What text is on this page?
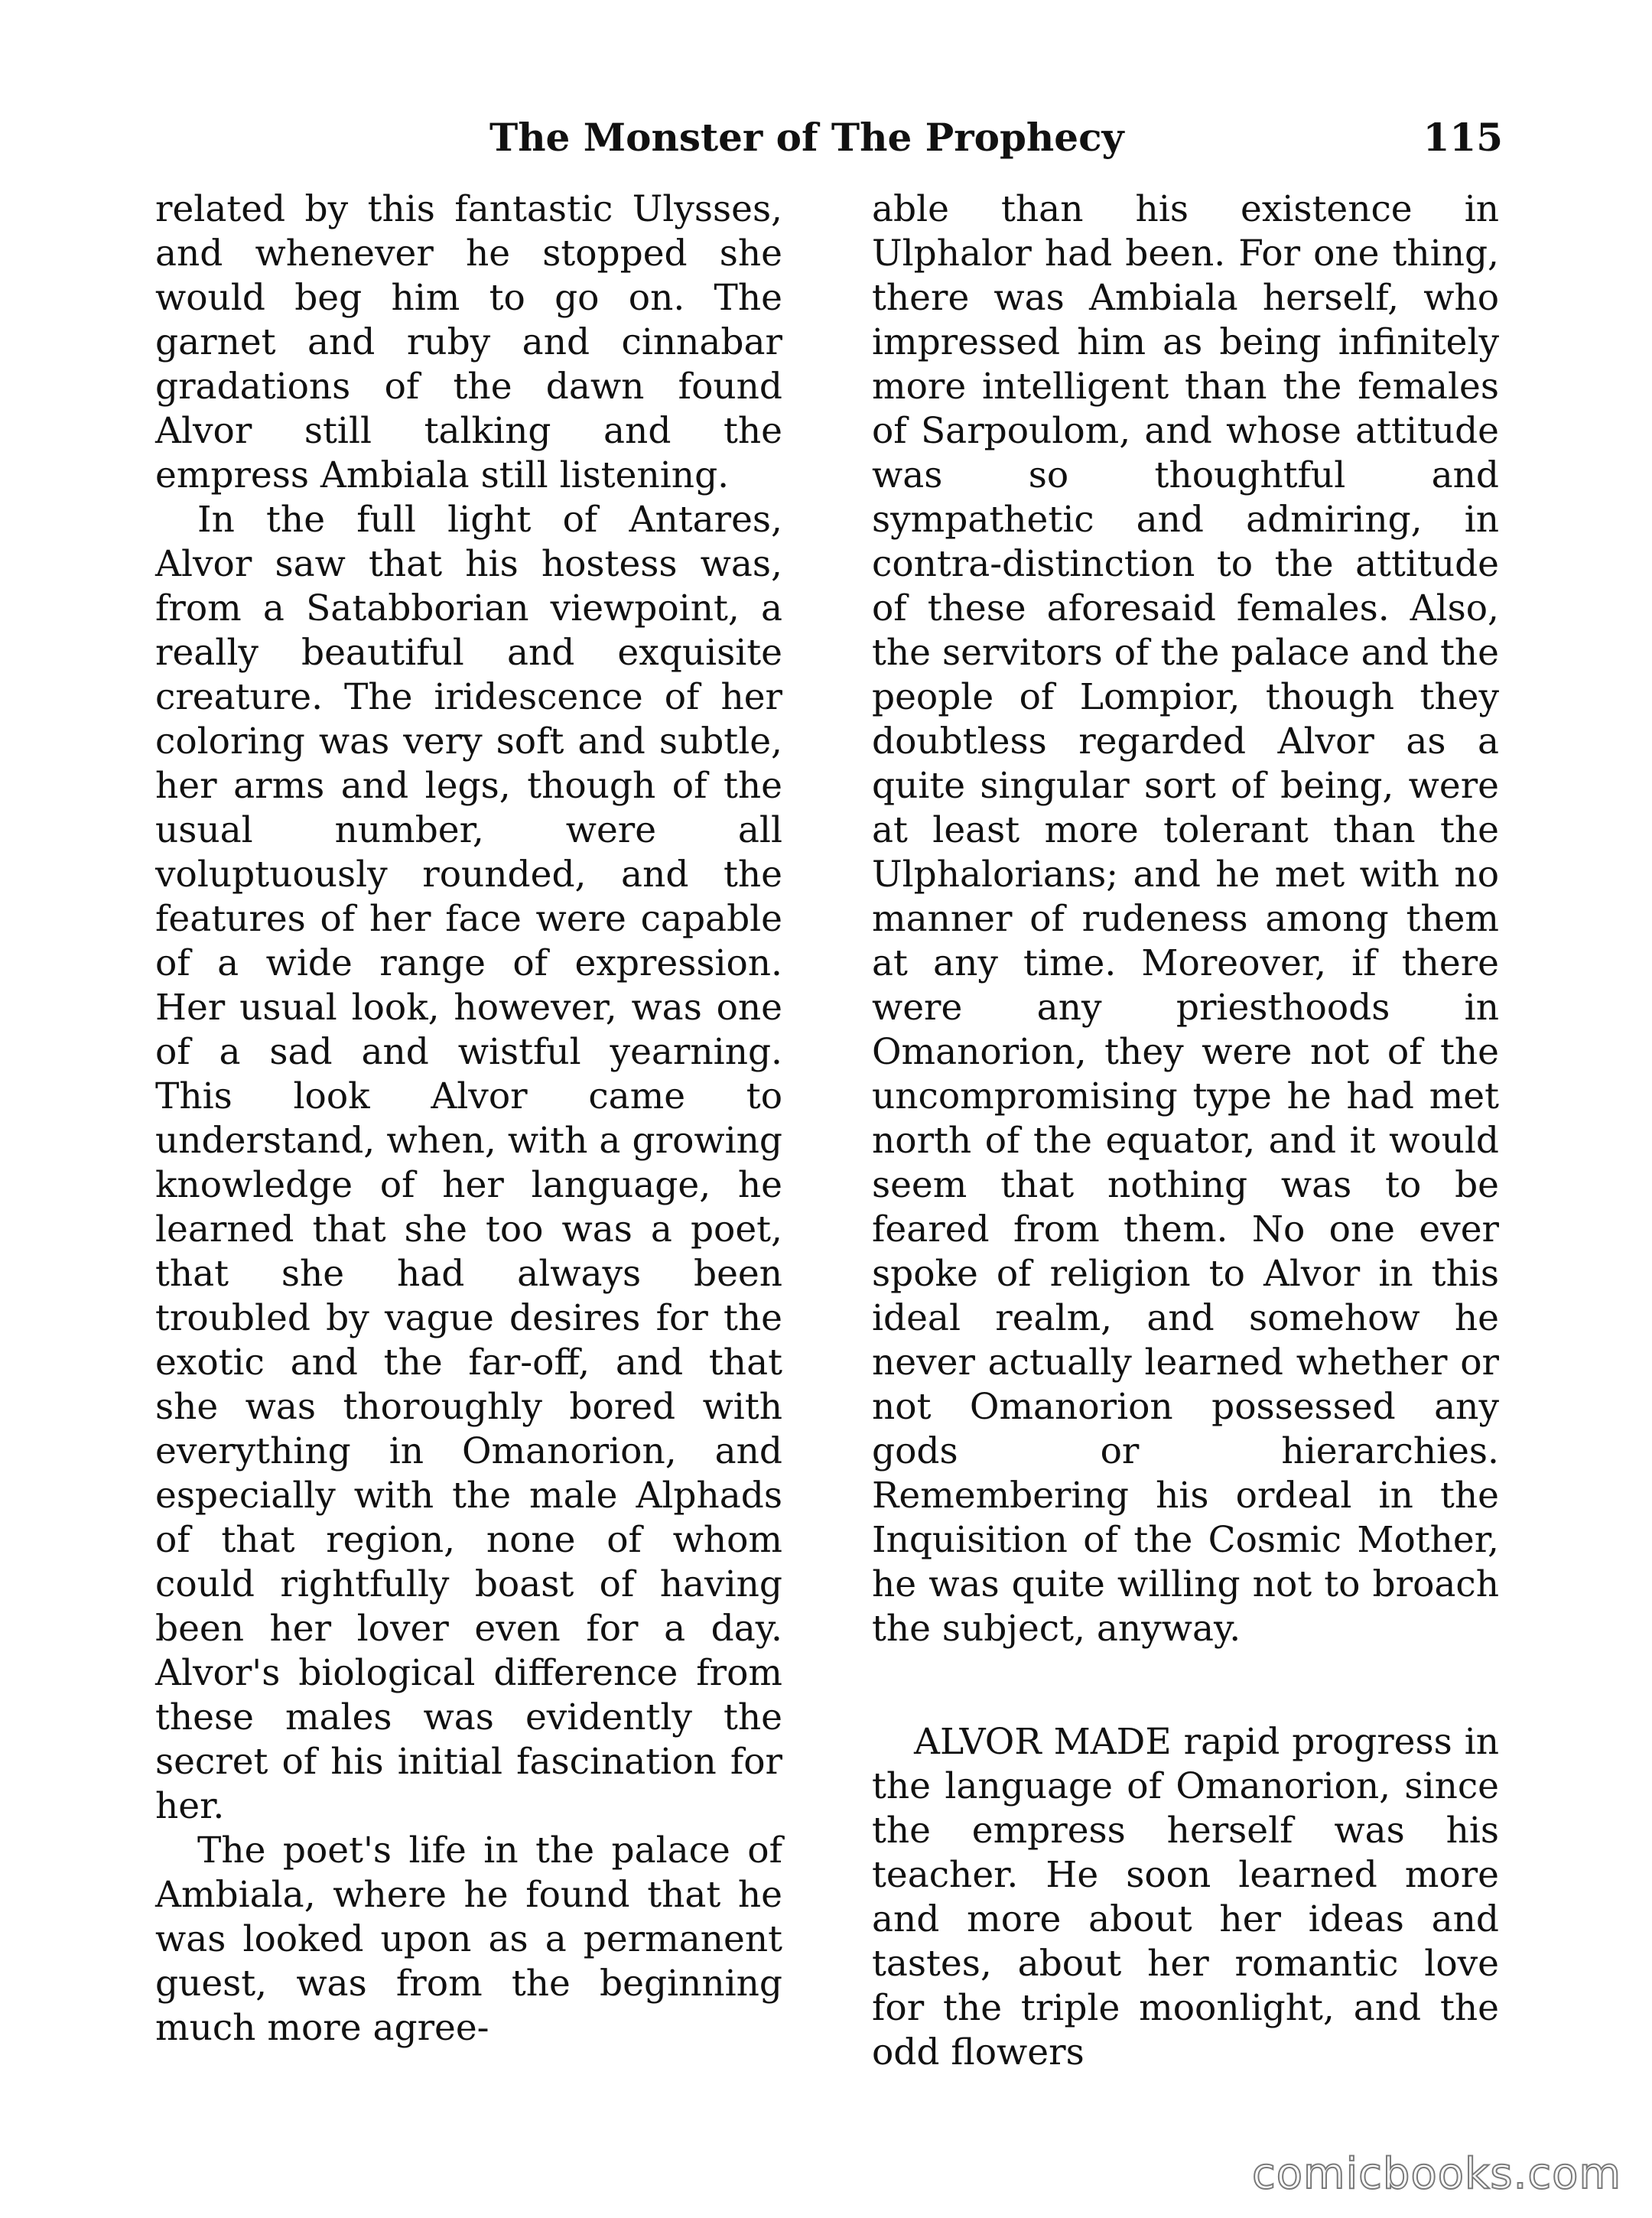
The Monster of The Prophecy	115

related by this fantastic Ulysses, and whenever he stopped she would beg him to go on. The garnet and ruby and cinnabar gradations of the dawn found Alvor still talking and the empress Ambiala still listening.

In the full light of Antares, Alvor saw that his hostess was, from a Satabborian viewpoint, a really beautiful and exquisite creature. The iridescence of her coloring was very soft and subtle, her arms and legs, though of the usual number, were all voluptuously rounded, and the features of her face were capable of a wide range of expression. Her usual look, however, was one of a sad and wistful yearning. This look Alvor came to understand, when, with a growing knowledge of her language, he learned that she too was a poet, that she had always been troubled by vague desires for the exotic and the far-off, and that she was thoroughly bored with everything in Omanorion, and especially with the male Alphads of that region, none of whom could rightfully boast of having been her lover even for a day. Alvor's biological difference from these males was evidently the secret of his initial fascination for her.

The poet's life in the palace of Ambiala, where he found that he was looked upon as a permanent guest, was from the beginning much more agree-

able than his existence in Ulphalor had been. For one thing, there was Ambiala herself, who impressed him as being infinitely more intelligent than the females of Sarpoulom, and whose attitude was so thoughtful and sympathetic and admiring, in contra-distinction to the attitude of these aforesaid females. Also, the servitors of the palace and the people of Lompior, though they doubtless regarded Alvor as a quite singular sort of being, were at least more tolerant than the Ulphalorians; and he met with no manner of rudeness among them at any time. Moreover, if there were any priesthoods in Omanorion, they were not of the uncompromising type he had met north of the equator, and it would seem that nothing was to be feared from them. No one ever spoke of religion to Alvor in this ideal realm, and somehow he never actually learned whether or not Omanorion possessed any gods or hierarchies. Remembering his ordeal in the Inquisition of the Cosmic Mother, he was quite willing not to broach the subject, anyway.

ALVOR MADE rapid progress in the language of Omanorion, since the empress herself was his teacher. He soon learned more and more about her ideas and tastes, about her romantic love for the triple moonlight, and the odd flowers

comicbooks.com
